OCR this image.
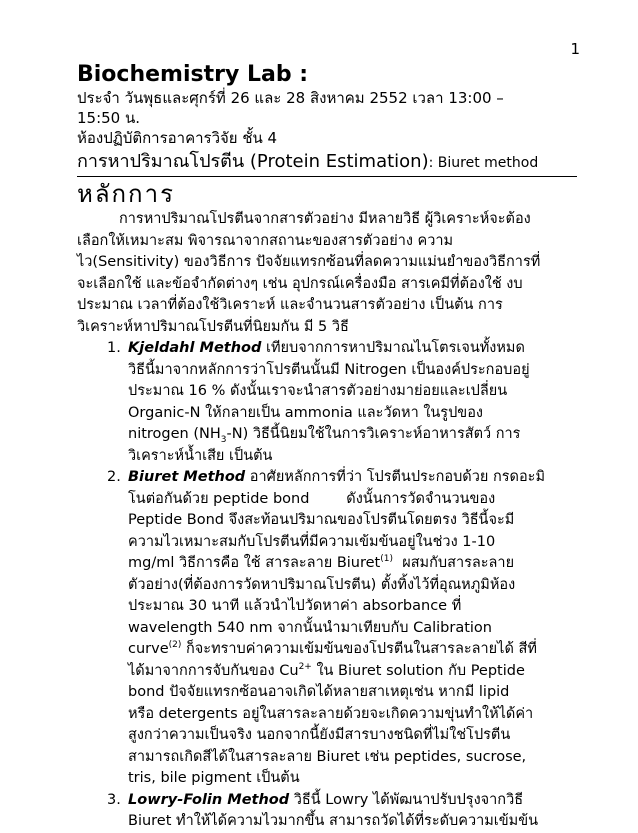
1
Biochemistry Lab :
ประจำ วันพุธและศุกร์ที่ 26 และ 28 สิงหาคม 2552 เวลา 13:00 –
15:50 น.
ห้องปฏิบัติการอาคารวิจัย ชั้น 4
การหาปริมาณโปรตีน (Protein Estimation): Biuret method
หลักการ

การหาปริมาณโปรตีนจากสารตัวอย่าง มีหลายวิธี ผู้วิเคราะห์จะต้อง
เลือกให้เหมาะสม พิจารณาจากสถานะของสารตัวอย่าง ความ
ไว(Sensitivity) ของวิธีการ ปัจจัยแทรกซ้อนที่ลดความแม่นยำของวิธีการที่
จะเลือกใช้ และข้อจำกัดต่างๆ เช่น อุปกรณ์เครื่องมือ สารเคมีที่ต้องใช้ งบ
ประมาณ เวลาที่ต้องใช้วิเคราะห์ และจำนวนสารตัวอย่าง เป็นต้น การ
วิเคราะห์หาปริมาณโปรตีนที่นิยมกัน มี 5 วิธี

1. Kjeldahl Method เทียบจากการหาปริมาณไนโตรเจนทั้งหมด
วิธีนี้มาจากหลักการว่าโปรตีนนั้นมี Nitrogen เป็นองค์ประกอบอยู่
ประมาณ 16 % ดังนั้นเราจะนำสารตัวอย่างมาย่อยและเปลี่ยน
Organic-N ให้กลายเป็น ammonia และวัดหา ในรูปของ
nitrogen $(NH_3-N)$ วิธีนี้นิยมใช้ในการวิเคราะห์อาหารสัตว์ การ
วิเคราะห์น้ำเสีย เป็นต้น
2. Biuret Method อาศัยหลักการที่ว่า โปรตีนประกอบด้วย กรดอะมิ
โนต่อกันด้วย peptide bond        ดังนั้นการวัดจำนวนของ
Peptide Bond จึงสะท้อนปริมาณของโปรตีนโดยตรง วิธีนี้จะมี
ความไวเหมาะสมกับโปรตีนที่มีความเข้มข้นอยู่ในช่วง 1-10
mg/ml วิธีการคือ ใช้ สารละลาย Biuret$^{(1)}$  ผสมกับสารละลาย
ตัวอย่าง(ที่ต้องการวัดหาปริมาณโปรตีน) ตั้งทิ้งไว้ที่อุณหภูมิห้อง
ประมาณ 30 นาที แล้วนำไปวัดหาค่า absorbance ที่
wavelength 540 nm จากนั้นนำมาเทียบกับ Calibration
curve$^{(2)}$ ก็จะทราบค่าความเข้มข้นของโปรตีนในสารละลายได้ สีที่
ได้มาจากการจับกันของ $Cu^{2+}$ ใน Biuret solution กับ Peptide
bond ปัจจัยแทรกซ้อนอาจเกิดได้หลายสาเหตุเช่น หากมี lipid
หรือ detergents อยู่ในสารละลายด้วยจะเกิดความขุ่นทำให้ได้ค่า
สูงกว่าความเป็นจริง นอกจากนี้ยังมีสารบางชนิดที่ไม่ใช่โปรตีน
สามารถเกิดสีได้ในสารละลาย Biuret เช่น peptides, sucrose,
tris, bile pigment เป็นต้น
3. Lowry-Folin Method วิธีนี้ Lowry ได้พัฒนาปรับปรุงจากวิธี
Biuret ทำให้ได้ความไวมากขึ้น สามารถวัดได้ที่ระดับความเข้มข้น
